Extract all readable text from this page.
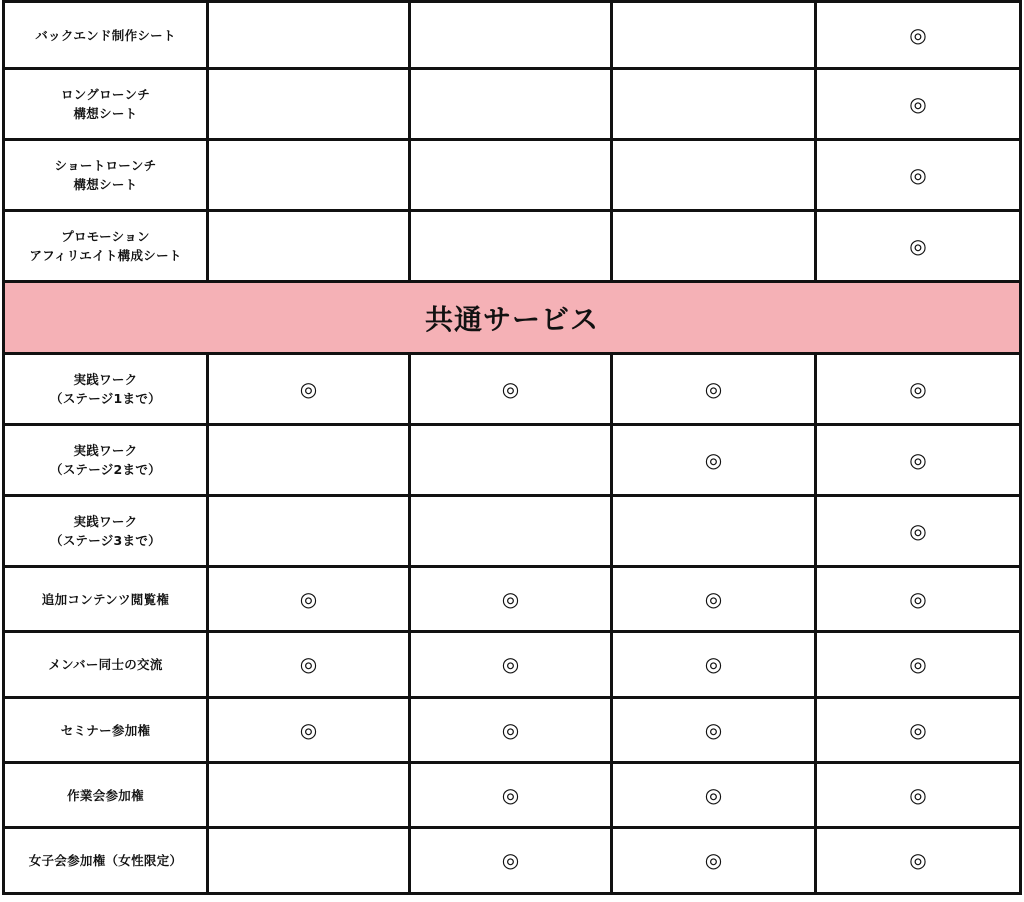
バックエンド制作シート				◎

ロングローンチ
構想シート				◎

ショートローンチ
構想シート				◎

プロモーション
アフィリエイト構成シート				◎

共通サービス				

実践ワーク
（ステージ1まで）	◎	◎	◎	◎

実践ワーク
（ステージ2まで）			◎	◎

実践ワーク
（ステージ3まで）				◎

追加コンテンツ閲覧権	◎	◎	◎	◎

メンバー同士の交流	◎	◎	◎	◎

セミナー参加権	◎	◎	◎	◎

作業会参加権		◎	◎	◎

女子会参加権（女性限定）		◎	◎	◎
